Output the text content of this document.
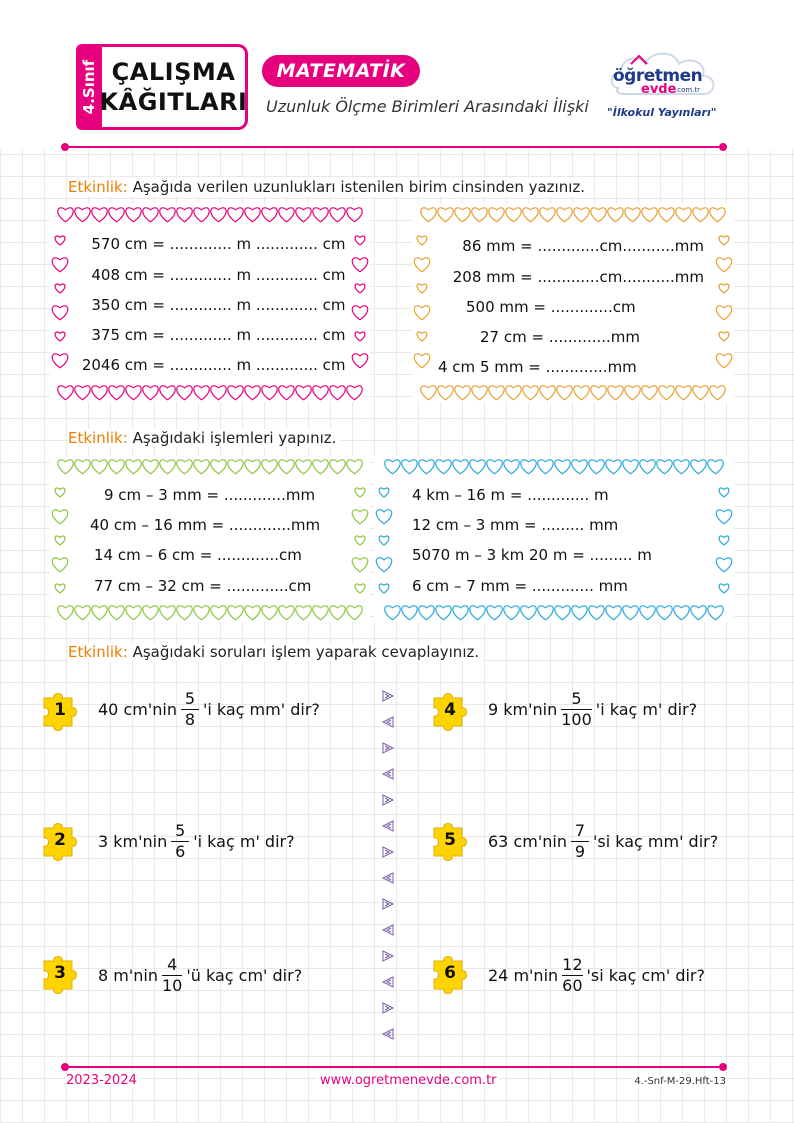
4.Sınıf ÇALIŞMA
KÂĞITLARI
MATEMATİK
Uzunluk Ölçme Birimleri Arasındaki İlişki
öğretmen
evde
.com.tr
"İlkokul Yayınları"
Etkinlik: Aşağıda verilen uzunlukları istenilen birim cinsinden yazınız.
570 cm = ............. m ............. cm
408 cm = ............. m ............. cm
350 cm = ............. m ............. cm
375 cm = ............. m ............. cm
2046 cm = ............. m ............. cm
86 mm = .............cm...........mm
208 mm = .............cm...........mm
500 mm = .............cm
27 cm = .............mm
4 cm 5 mm = .............mm
Etkinlik: Aşağıdaki işlemleri yapınız.
9 cm – 3 mm = .............mm
40 cm – 16 mm = .............mm
14 cm – 6 cm = .............cm
77 cm – 32 cm = .............cm
4 km – 16 m = ............. m
12 cm – 3 mm = ......... mm
5070 m – 3 km 20 m = ......... m
6 cm – 7 mm = ............. mm
Etkinlik: Aşağıdaki soruları işlem yaparak cevaplayınız.
1
2
3
4
5
6
40 $cm'nin \frac{5}{8}$ 'i kaç mm' dir?
3 $km'nin \frac{5}{6}$ 'i kaç m' dir?
8 $m'nin \frac{4}{10}$ 'ü kaç cm' dir?
9 $km'nin \frac{5}{100}$ 'i kaç m' dir?
63 $cm'nin \frac{7}{9}$ 'si kaç mm' dir?
24 $m'nin \frac{12}{60}$ 'si kaç cm' dir?
2023-2024	www.ogretmenevde.com.tr	4.-Snf-M-29.Hft-13
